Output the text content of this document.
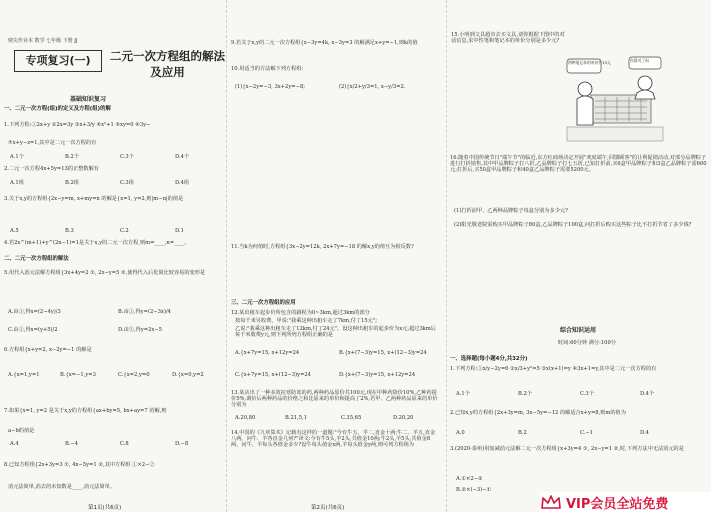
鼎尖作业本 数学 七年级 下册 JJ
专项复习(一)	二元一次方程组的解法及应用
基础知识复习
一、二元一次方程(组)的定义及方程(组)的解
1.下列方程:①2x+y ②2x=3y ③x+3/y ④x²+1 ⑤xy=0 ⑥3y−
⑦x+y−z=1,其中是二元一次方程的有
A.1个	B.2个	C.3个	D.4个
2.二元一次方程4x+5y=13的正整数解有
A.1组	B.2组	C.3组	D.4组
3.关于x,y的方程组{2x−y=m, x+my=n 的解是{x=1, y=2,则|m−n|的值是
A.5	B.3	C.2	D.1
4.若2x^(m+1)+y^(2n−1)=1是关于x,y的二元一次方程,则m=____,n=____。
二、二元一次方程组的解法
5.用代入消元法解方程组{3x+4y=2 ①, 2x−y=5 ②,使得代入后化简比较容易的变形是
A.由①,得x=(2−4y)/3	B.由①,得y=(2−3x)/4
C.由②,得x=(y+5)/2	D.由②,得y=2x−5
6.方程组{x+y=2, x−2y=−1 的解是
A.{x=1,y=1	B.{x=−1,y=3	C.{x=2,y=0	D.{x=0,y=2
7.如果{x=1, y=2 是关于x,y的方程组{ax+by=5, bx+ay=7 的解,则
a−b的值是
A.4	B.−4	C.8	D.−8
8.已知方程组{2x+3y=3 ①, 4x−5y=1 ②,其中方程组 ①×2−②
消元法简单,消去的未知数是____,消元法简单。
第1页(共6页)
9.若关于x,y的二元一次方程组{x−3y=4k, x−3y=3 的解满足x+y=−1,则k的值
10.用适当的方法解下列方程组:
(1){x−2y=−3, 3x+2y=−8;	(2){x/2+y/3=1, x−y/3=2.
11.当k为何值时,方程组{3x−2y=12k, 2x+7y=−18 的解x,y的值互为相反数?
三、二元一次方程组的应用
12.某出租车起步价所包含的路程为0~3km,超过3km的部分
按每千米另收费。甲说:"我乘这种出租车走了7km,付了15元";
乙说:"我乘这种出租车走了12km,付了24元"。设这种出租车的起步价为x元,超过3km后每千米收费y元,则下列所列方程组正确的是
A.{x+7y=15, x+12y=24	B.{x+(7−3)y=15, x+(12−3)y=24
C.{x+7y=15, x+(12−3)y=24	D.{x+(7−3)y=15, x+12y=24
13.某店出了一种多效抗寒防冻的药,两种药品原价共100元,现在甲种药降价10%,乙种药提价5%,调价后两种药品的价格之和比原来的单价和提高了2%,若甲、乙两种药品原来的单价分别为
A.20,80	B.21,5,1	C.35,65	D.20,20
14.中国的《九章算术》记载有这样的一道题:"今有牛五、羊二,直金十两;牛二、羊五,直金八两。问牛、羊各直金几何?"译文:今有牛5头,羊2头,共值金10两;牛2头,羊5头,共值金8两。问牛、羊每头各值金多少?设牛每头值金x两,羊每头值金y两,则可列方程组为
第2页(共6页)
15.小明到文具超市去买文具,请你根据下图中的对话信息,求中性笔和笔记本的单价分别是多少元?
两种笔记本的单价共15元	你算对了吗
16.随着中国传统节日"端午节"的临近,东方红商场决定开展"欢度端午,回馈顾客"的让利促销活动,对部分品牌粽子进行打折销售,其中甲品牌粽子打八折,乙品牌粽子打七五折,已知打折前,买6盒甲品牌粽子和3盒乙品牌粽子需600元;打折后,买50盒甲品牌粽子和40盒乙品牌粽子需要5200元。
(1)打折前甲、乙两种品牌粽子每盒分别为多少元?
(2)阳光敬老院需购买甲品牌粽子80盒,乙品牌粽子100盒,问打折后购买这些粽子比不打折节省了多少钱?
综合知识运用
时间:60分钟 满分:100分
一、选择题(每小题4分,共32分)
1.下列方程:①x/y−2y=6 ②x/3+y²=5 ③x(x+1)=y ④3x+1=y,其中是二元一次方程的有
A.1个	B.2个	C.3个	D.4个
2.已知x,y的方程组{2x+3y=m, 3x−5y=−12 的解适合x+y=8,则m的值为
A.0	B.2	C.−1	D.4
3.(2020·泰州)用加减消元法解二元一次方程组{x+3y=4 ①, 2x−y=1 ②,时,下列方法中无法消元的是
A.①×2−②
B.②×(−3)−①
VIP会员全站免费
